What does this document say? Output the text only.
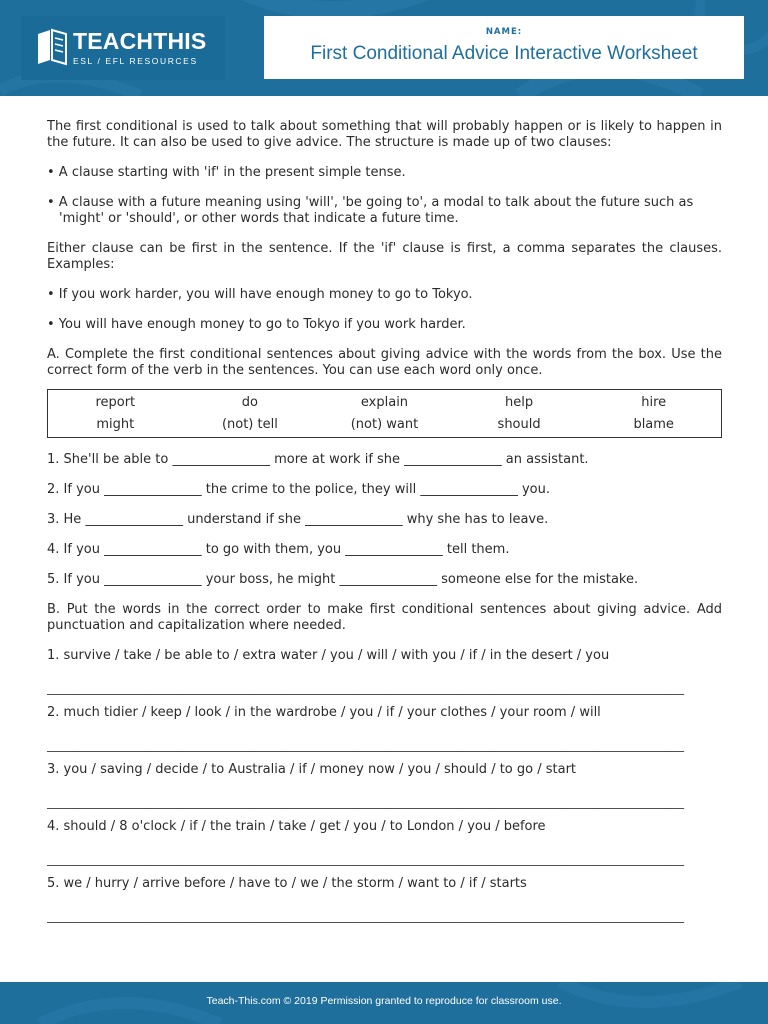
TEACHTHIS
ESL / EFL RESOURCES
NAME:
First Conditional Advice Interactive Worksheet

The first conditional is used to talk about something that will probably happen or is likely to happen in the future. It can also be used to give advice. The structure is made up of two clauses:

• A clause starting with 'if' in the present simple tense.

• A clause with a future meaning using 'will', 'be going to', a modal to talk about the future such as 'might' or 'should', or other words that indicate a future time.

Either clause can be first in the sentence. If the 'if' clause is first, a comma separates the clauses. Examples:

• If you work harder, you will have enough money to go to Tokyo.

• You will have enough money to go to Tokyo if you work harder.

A. Complete the first conditional sentences about giving advice with the words from the box. Use the correct form of the verb in the sentences. You can use each word only once.

report	do	explain	help	hire
might	(not) tell	(not) want	should	blame

1. She'll be able to _______________ more at work if she _______________ an assistant.

2. If you _______________ the crime to the police, they will _______________ you.

3. He _______________ understand if she _______________ why she has to leave.

4. If you _______________ to go with them, you _______________ tell them.

5. If you _______________ your boss, he might _______________ someone else for the mistake.

B. Put the words in the correct order to make first conditional sentences about giving advice. Add punctuation and capitalization where needed.

1. survive / take / be able to / extra water / you / will / with you / if / in the desert / you

__________________________________________________________________________________________________

2. much tidier / keep / look / in the wardrobe / you / if / your clothes / your room / will

__________________________________________________________________________________________________

3. you / saving / decide / to Australia / if / money now / you / should / to go / start

__________________________________________________________________________________________________

4. should / 8 o'clock / if / the train / take / get / you / to London / you / before

__________________________________________________________________________________________________

5. we / hurry / arrive before / have to / we / the storm / want to / if / starts

__________________________________________________________________________________________________

Teach-This.com © 2019 Permission granted to reproduce for classroom use.
